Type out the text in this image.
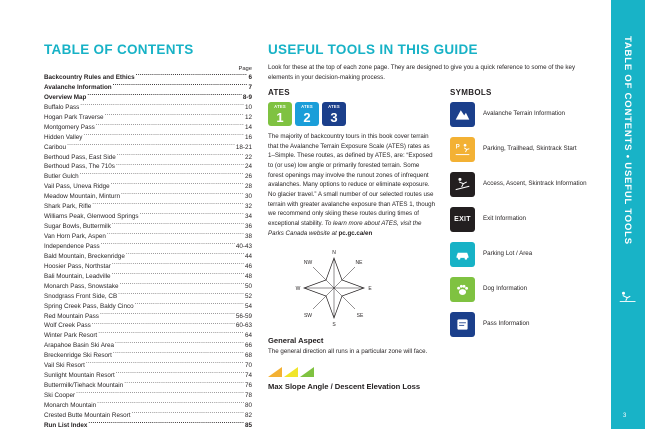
TABLE OF CONTENTS
Page
Backcountry Rules and Ethics .....	6
Avalanche Information .....	7
Overview Map .....	8-9
Buffalo Pass .....	10
Hogan Park Traverse .....	12
Montgomery Pass .....	14
Hidden Valley .....	16
Caribou .....	18-21
Berthoud Pass, East Side .....	22
Berthoud Pass, The 710s .....	24
Butler Gulch .....	26
Vail Pass, Uneva Ridge .....	28
Meadow Mountain, Minturn .....	30
Shark Park, Rifle .....	32
Williams Peak, Glenwood Springs .....	34
Sugar Bowls, Buttermilk .....	36
Van Horn Park, Aspen .....	38
Independence Pass .....	40-43
Bald Mountain, Breckenridge .....	44
Hoosier Pass, Northstar .....	46
Bali Mountain, Leadville .....	48
Monarch Pass, Snowstake .....	50
Snodgrass Front Side, CB .....	52
Spring Creek Pass, Baldy Cinco .....	54
Red Mountain Pass .....	56-59
Wolf Creek Pass .....	60-63
Winter Park Resort .....	64
Arapahoe Basin Ski Area .....	66
Breckenridge Ski Resort .....	68
Vail Ski Resort .....	70
Sunlight Mountain Resort .....	74
Buttermilk/Tiehack Mountain .....	76
Ski Cooper .....	78
Monarch Mountain .....	80
Crested Butte Mountain Resort .....	82
Run List Index .....	85
USEFUL TOOLS IN THIS GUIDE
Look for these at the top of each zone page. They are designed to give you a quick reference to some of the key elements in your decision-making process.
ATES
ATES
1
ATES
2
ATES
3
The majority of backcountry tours in this book cover terrain that the Avalanche Terrain Exposure Scale (ATES) rates as 1–Simple. These routes, as defined by ATES, are: “Exposed to (or use) low angle or primarily forested terrain. Some forest openings may involve the runout zones of infrequent avalanches. Many options to reduce or eliminate exposure. No glacier travel.” A small number of our selected routes use terrain with greater avalanche exposure than ATES 1, though we recommend only skiing these routes during times of exceptional stability. To learn more about ATES, visit the Parks Canada website at pc.gc.ca/en
N
NE
E
SE
S
SW
W
NW
General Aspect
The general direction all runs in a particular zone will face.
Max Slope Angle / Descent Elevation Loss
SYMBOLS
Avalanche Terrain Information
P	Parking, Trailhead, Skintrack Start
Access, Ascent, Skintrack Information
EXIT Exit Information
Parking Lot / Area
Dog Information
Pass Information
TABLE OF CONTENTS • USEFUL TOOLS
3
